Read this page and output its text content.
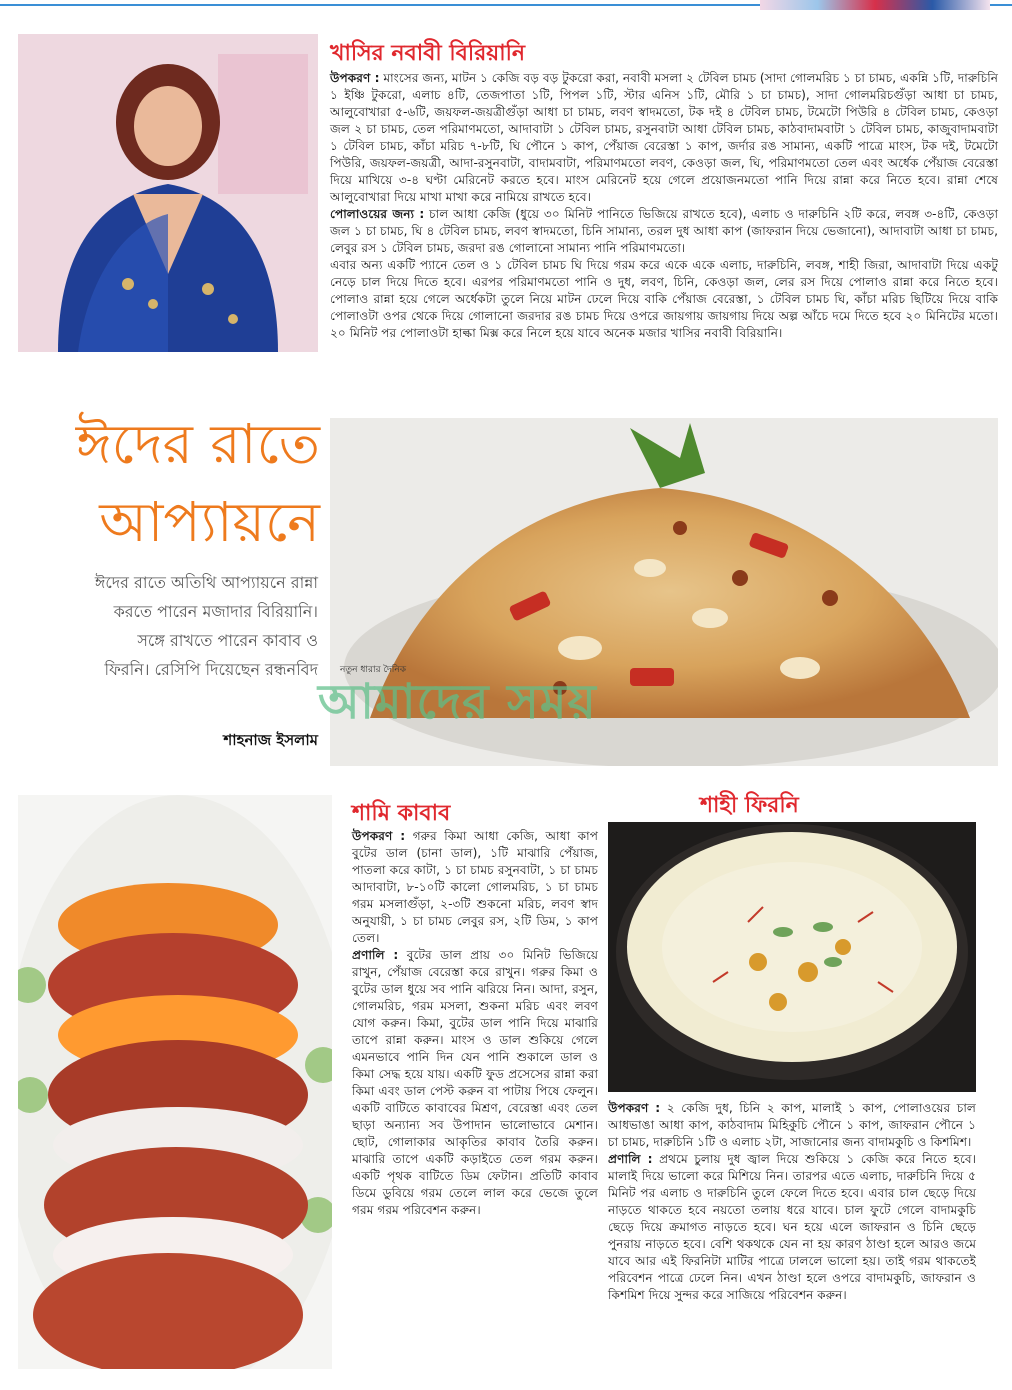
খাসির নবাবী বিরিয়ানি

উপকরণ : মাংসের জন্য, মাটন ১ কেজি বড় বড় টুকরো করা, নবাবী মসলা ২ টেবিল চামচ (সাদা গোলমরিচ ১ চা চামচ, একন্নি ১টি, দারুচিনি ১ ইঞ্চি টুকরো, এলাচ ৪টি, তেজপাতা ১টি, পিপল ১টি, স্টার এনিস ১টি, মৌরি ১ চা চামচ), সাদা গোলমরিচগুঁড়া আধা চা চামচ, আলুবোখারা ৫-৬টি, জয়ফল-জয়ত্রীগুঁড়া আধা চা চামচ, লবণ স্বাদমতো, টক দই ৪ টেবিল চামচ, টমেটো পিউরি ৪ টেবিল চামচ, কেওড়া জল ২ চা চামচ, তেল পরিমাণমতো, আদাবাটা ১ টেবিল চামচ, রসুনবাটা আধা টেবিল চামচ, কাঠবাদামবাটা ১ টেবিল চামচ, কাজুবাদামবাটা ১ টেবিল চামচ, কাঁচা মরিচ ৭-৮টি, ঘি পৌনে ১ কাপ, পেঁয়াজ বেরেস্তা ১ কাপ, জর্দার রঙ সামান্য, একটি পাত্রে মাংস, টক দই, টমেটো পিউরি, জয়ফল-জয়ত্রী, আদা-রসুনবাটা, বাদামবাটা, পরিমাণমতো লবণ, কেওড়া জল, ঘি, পরিমাণমতো তেল এবং অর্ধেক পেঁয়াজ বেরেস্তা দিয়ে মাখিয়ে ৩-৪ ঘণ্টা মেরিনেট করতে হবে। মাংস মেরিনেট হয়ে গেলে প্রয়োজনমতো পানি দিয়ে রান্না করে নিতে হবে। রান্না শেষে আলুবোখারা দিয়ে মাখা মাখা করে নামিয়ে রাখতে হবে।

পোলাওয়ের জন্য : চাল আধা কেজি (ধুয়ে ৩০ মিনিট পানিতে ভিজিয়ে রাখতে হবে), এলাচ ও দারুচিনি ২টি করে, লবঙ্গ ৩-৪টি, কেওড়া জল ১ চা চামচ, ঘি ৪ টেবিল চামচ, লবণ স্বাদমতো, চিনি সামান্য, তরল দুধ আধা কাপ (জাফরান দিয়ে ভেজানো), আদাবাটা আধা চা চামচ, লেবুর রস ১ টেবিল চামচ, জরদা রঙ গোলানো সামান্য পানি পরিমাণমতো।

এবার অন্য একটি প্যানে তেল ও ১ টেবিল চামচ ঘি দিয়ে গরম করে একে একে এলাচ, দারুচিনি, লবঙ্গ, শাহী জিরা, আদাবাটা দিয়ে একটু নেড়ে চাল দিয়ে দিতে হবে। এরপর পরিমাণমতো পানি ও দুধ, লবণ, চিনি, কেওড়া জল, লের রস দিয়ে পোলাও রান্না করে নিতে হবে। পোলাও রান্না হয়ে গেলে অর্ধেকটা তুলে নিয়ে মাটন ঢেলে দিয়ে বাকি পেঁয়াজ বেরেস্তা, ১ টেবিল চামচ ঘি, কাঁচা মরিচ ছিটিয়ে দিয়ে বাকি পোলাওটা ওপর থেকে দিয়ে গোলানো জরদার রঙ চামচ দিয়ে ওপরে জায়গায় জায়গায় দিয়ে অল্প আঁচে দমে দিতে হবে ২০ মিনিটের মতো। ২০ মিনিট পর পোলাওটা হাল্কা মিক্স করে নিলে হয়ে যাবে অনেক মজার খাসির নবাবী বিরিয়ানি।

ঈদের রাতে
আপ্যায়নে
ঈদের রাতে অতিথি আপ্যায়নে রান্না করতে পারেন মজাদার বিরিয়ানি। সঙ্গে রাখতে পারেন কাবাব ও ফিরনি। রেসিপি দিয়েছেন রন্ধনবিদ
শাহনাজ ইসলাম
নতুন ধারার দৈনিক
আমাদের সময়
শামি কাবাব

উপকরণ : গরুর কিমা আধা কেজি, আধা কাপ বুটের ডাল (চানা ডাল), ১টি মাঝারি পেঁয়াজ, পাতলা করে কাটা, ১ চা চামচ রসুনবাটা, ১ চা চামচ আদাবাটা, ৮-১০টি কালো গোলমরিচ, ১ চা চামচ গরম মসলাগুঁড়া, ২-৩টি শুকনো মরিচ, লবণ স্বাদ অনুযায়ী, ১ চা চামচ লেবুর রস, ২টি ডিম, ১ কাপ তেল।

প্রণালি : বুটের ডাল প্রায় ৩০ মিনিট ভিজিয়ে রাখুন, পেঁয়াজ বেরেস্তা করে রাখুন। গরুর কিমা ও বুটের ডাল ধুয়ে সব পানি ঝরিয়ে নিন। আদা, রসুন, গোলমরিচ, গরম মসলা, শুকনা মরিচ এবং লবণ যোগ করুন। কিমা, বুটের ডাল পানি দিয়ে মাঝারি তাপে রান্না করুন। মাংস ও ডাল শুকিয়ে গেলে এমনভাবে পানি দিন যেন পানি শুকালে ডাল ও কিমা সেদ্ধ হয়ে যায়। একটি ফুড প্রসেসের রান্না করা কিমা এবং ডাল পেস্ট করুন বা পাটায় পিষে ফেলুন। একটি বাটিতে কাবাবের মিশ্রণ, বেরেস্তা এবং তেল ছাড়া অন্যান্য সব উপাদান ভালোভাবে মেশান। ছোট, গোলাকার আকৃতির কাবাব তৈরি করুন। মাঝারি তাপে একটি কড়াইতে তেল গরম করুন। একটি পৃথক বাটিতে ডিম ফেটান। প্রতিটি কাবাব ডিমে ডুবিয়ে গরম তেলে লাল করে ভেজে তুলে গরম গরম পরিবেশন করুন।

শাহী ফিরনি

উপকরণ : ২ কেজি দুধ, চিনি ২ কাপ, মালাই ১ কাপ, পোলাওয়ের চাল আধভাঙা আধা কাপ, কাঠবাদাম মিহিকুচি পৌনে ১ কাপ, জাফরান পৌনে ১ চা চামচ, দারুচিনি ১টি ও এলাচ ২টা, সাজানোর জন্য বাদামকুচি ও কিশমিশ।

প্রণালি : প্রথমে চুলায় দুধ জ্বাল দিয়ে শুকিয়ে ১ কেজি করে নিতে হবে। মালাই দিয়ে ভালো করে মিশিয়ে নিন। তারপর এতে এলাচ, দারুচিনি দিয়ে ৫ মিনিট পর এলাচ ও দারুচিনি তুলে ফেলে দিতে হবে। এবার চাল ছেড়ে দিয়ে নাড়তে থাকতে হবে নয়তো তলায় ধরে যাবে। চাল ফুটে গেলে বাদামকুচি ছেড়ে দিয়ে ক্রমাগত নাড়তে হবে। ঘন হয়ে এলে জাফরান ও চিনি ছেড়ে পুনরায় নাড়তে হবে। বেশি থকথকে যেন না হয় কারণ ঠাণ্ডা হলে আরও জমে যাবে আর এই ফিরনিটা মাটির পাত্রে ঢাললে ভালো হয়। তাই গরম থাকতেই পরিবেশন পাত্রে ঢেলে নিন। এখন ঠাণ্ডা হলে ওপরে বাদামকুচি, জাফরান ও কিশমিশ দিয়ে সুন্দর করে সাজিয়ে পরিবেশন করুন।
